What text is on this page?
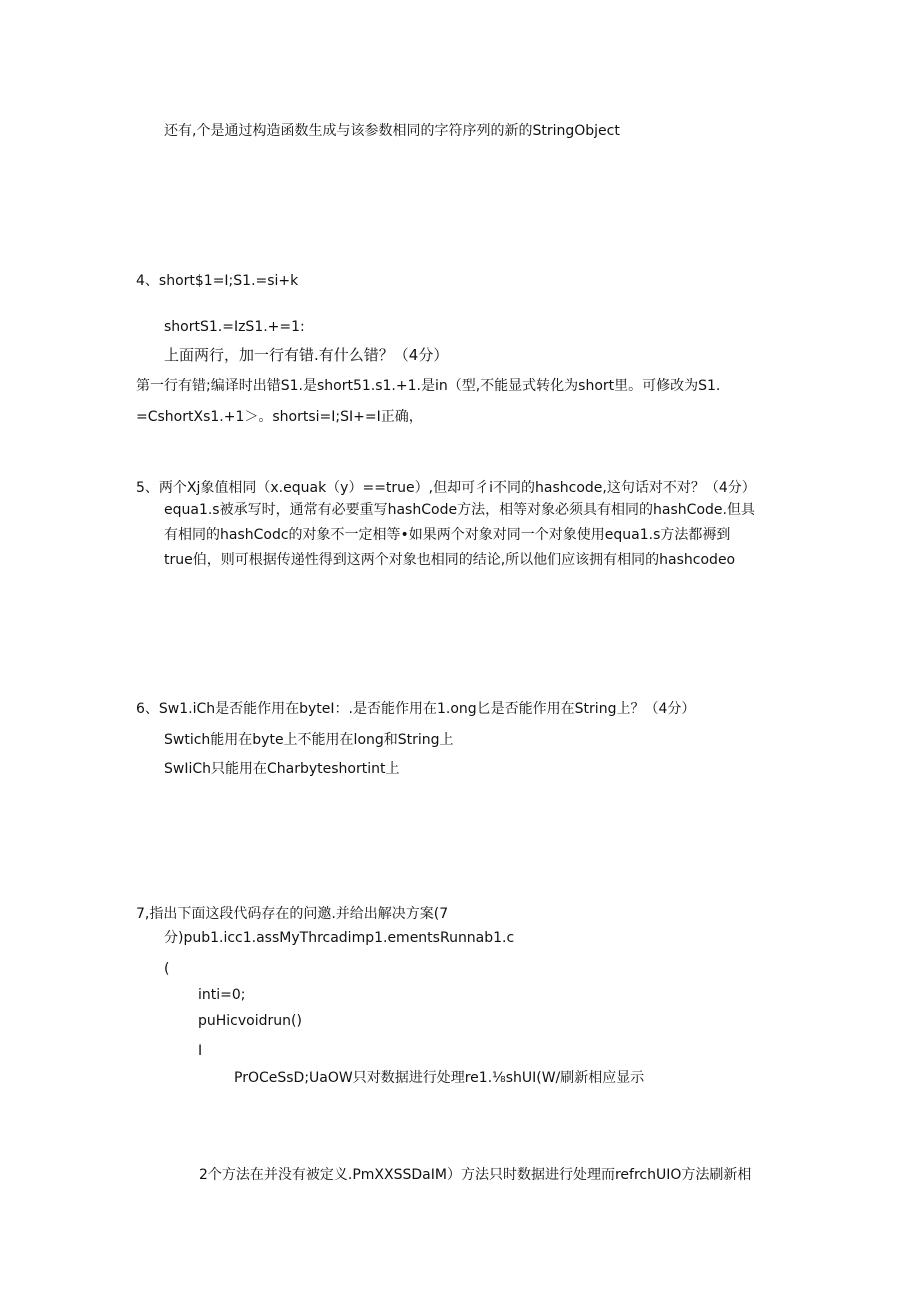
还有,个是通过构造函数生成与该参数相同的字符序列的新的StringObject
4、short$1=I;S1.=si+k
shortS1.=IzS1.+=1:
上面两行，加一行有错.有什么错？（4分）
第一行有错;编译时出错S1.是short51.s1.+1.是in（型,不能显式转化为short里。可修改为S1.
=CshortXs1.+1＞。shortsi=I;SI+=I正确，
5、两个Xj象值相同（x.equak（y）==true）,但却可彳i不同的hashcode,这句话对不对？（4分）
equa1.s被承写时，通常有必要重写hashCode方法，相等对象必须具有相同的hashCode.但具
有相同的hashCodc的对象不一定相等•如果两个对象对同一个对象使用equa1.s方法都褥到
true伯，则可根据传递性得到这两个对象也相同的结论,所以他们应该拥有相同的hashcodeo
6、Sw1.iCh是否能作用在byteI：.是否能作用在1.ong匕是否能作用在String上？（4分）
Swtich能用在byte上不能用在long和String上
SwIiCh只能用在Charbyteshortint上
7,指出下面这段代码存在的问邀.并给出解决方案(7
分)pub1.icc1.assMyThrcadimp1.ementsRunnab1.c
(
inti=0;
puHicvoidrun()
I
PrOCeSsD;UaOW只对数据进行处理re1.⅛shUI(W/刷新相应显示
2个方法在并没有被定义.PmXXSSDaIM）方法只时数据进行处理而refrchUIO方法刷新相
